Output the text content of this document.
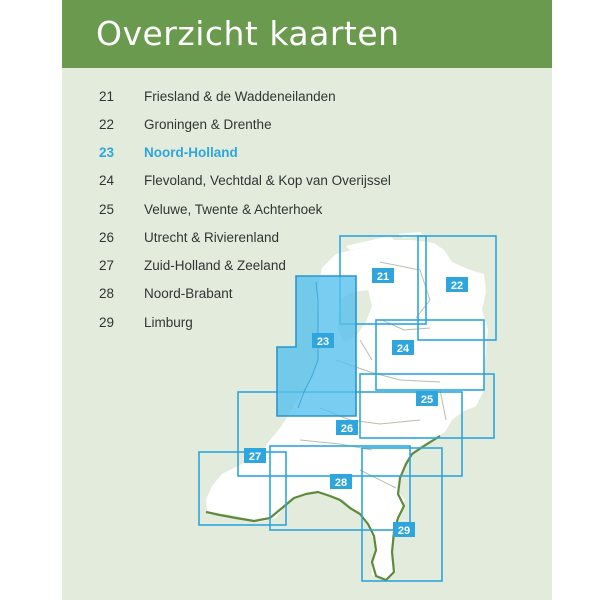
Overzicht kaarten
21 Friesland & de Waddeneilanden
22 Groningen & Drenthe
23 Noord-Holland
24 Flevoland, Vechtdal & Kop van Overijssel
25 Veluwe, Twente & Achterhoek
26 Utrecht & Rivierenland
27 Zuid-Holland & Zeeland
28 Noord-Brabant
29 Limburg
21
22
23
24
25
26
27
28
29
